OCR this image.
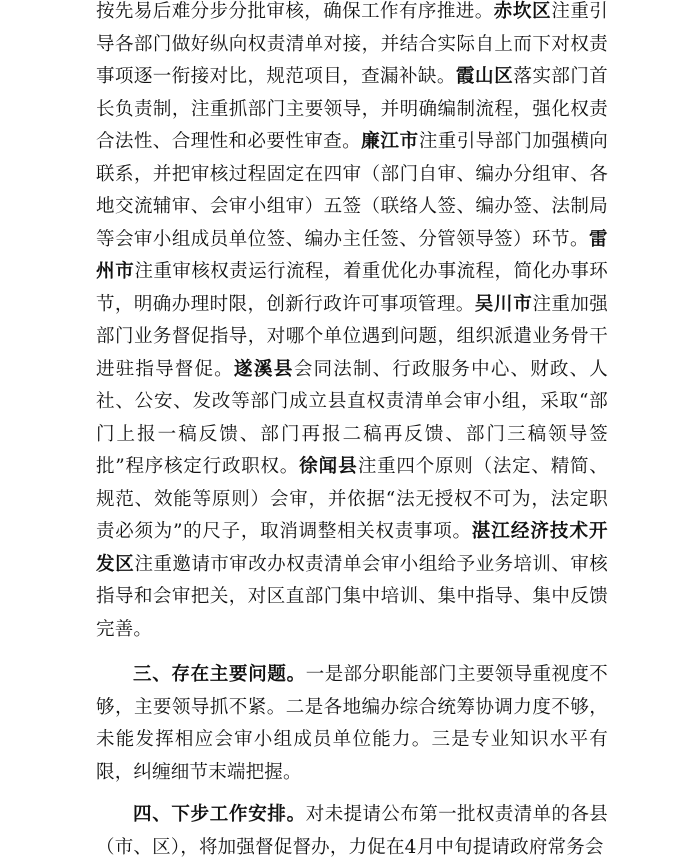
按先易后难分步分批审核，确保工作有序推进。赤坎区注重引导各部门做好纵向权责清单对接，并结合实际自上而下对权责事项逐一衔接对比，规范项目，查漏补缺。霞山区落实部门首长负责制，注重抓部门主要领导，并明确编制流程，强化权责合法性、合理性和必要性审查。廉江市注重引导部门加强横向联系，并把审核过程固定在四审（部门自审、编办分组审、各地交流辅审、会审小组审）五签（联络人签、编办签、法制局等会审小组成员单位签、编办主任签、分管领导签）环节。雷州市注重审核权责运行流程，着重优化办事流程，简化办事环节，明确办理时限，创新行政许可事项管理。吴川市注重加强部门业务督促指导，对哪个单位遇到问题，组织派遣业务骨干进驻指导督促。遂溪县会同法制、行政服务中心、财政、人社、公安、发改等部门成立县直权责清单会审小组，采取“部门上报一稿反馈、部门再报二稿再反馈、部门三稿领导签批”程序核定行政职权。徐闻县注重四个原则（法定、精简、规范、效能等原则）会审，并依据“法无授权不可为，法定职责必须为”的尺子，取消调整相关权责事项。湛江经济技术开发区注重邀请市审改办权责清单会审小组给予业务培训、审核指导和会审把关，对区直部门集中培训、集中指导、集中反馈完善。

三、存在主要问题。一是部分职能部门主要领导重视度不够，主要领导抓不紧。二是各地编办综合统筹协调力度不够，未能发挥相应会审小组成员单位能力。三是专业知识水平有限，纠缠细节末端把握。

四、下步工作安排。对未提请公布第一批权责清单的各县（市、区），将加强督促督办，力促在4月中旬提请政府常务会
